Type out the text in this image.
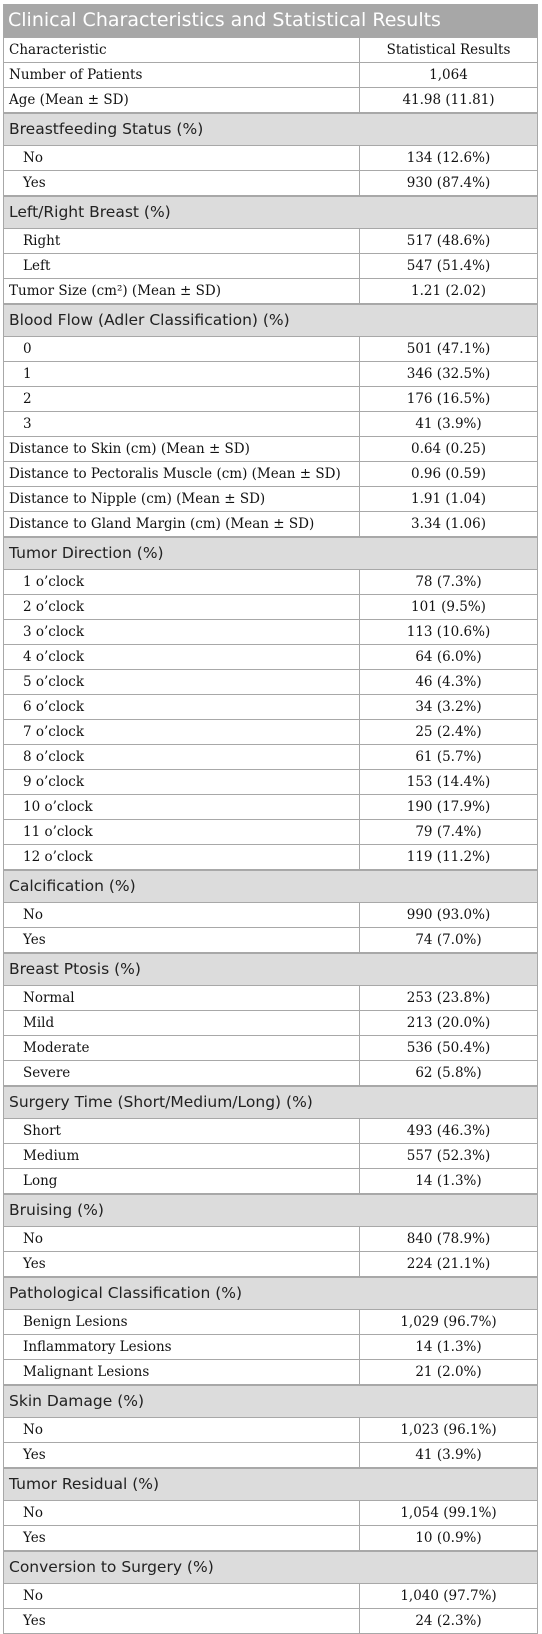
Clinical Characteristics and Statistical Results
Characteristic	Statistical Results
Number of Patients	1,064
Age (Mean ± SD)	41.98 (11.81)
Breastfeeding Status (%)
No	134 (12.6%)
Yes	930 (87.4%)
Left/Right Breast (%)
Right	517 (48.6%)
Left	547 (51.4%)
Tumor Size (cm²) (Mean ± SD)	1.21 (2.02)
Blood Flow (Adler Classification) (%)
0	501 (47.1%)
1	346 (32.5%)
2	176 (16.5%)
3	41 (3.9%)
Distance to Skin (cm) (Mean ± SD)	0.64 (0.25)
Distance to Pectoralis Muscle (cm) (Mean ± SD)	0.96 (0.59)
Distance to Nipple (cm) (Mean ± SD)	1.91 (1.04)
Distance to Gland Margin (cm) (Mean ± SD)	3.34 (1.06)
Tumor Direction (%)
1 o’clock	78 (7.3%)
2 o’clock	101 (9.5%)
3 o’clock	113 (10.6%)
4 o’clock	64 (6.0%)
5 o’clock	46 (4.3%)
6 o’clock	34 (3.2%)
7 o’clock	25 (2.4%)
8 o’clock	61 (5.7%)
9 o’clock	153 (14.4%)
10 o’clock	190 (17.9%)
11 o’clock	79 (7.4%)
12 o’clock	119 (11.2%)
Calcification (%)
No	990 (93.0%)
Yes	74 (7.0%)
Breast Ptosis (%)
Normal	253 (23.8%)
Mild	213 (20.0%)
Moderate	536 (50.4%)
Severe	62 (5.8%)
Surgery Time (Short/Medium/Long) (%)
Short	493 (46.3%)
Medium	557 (52.3%)
Long	14 (1.3%)
Bruising (%)
No	840 (78.9%)
Yes	224 (21.1%)
Pathological Classification (%)
Benign Lesions	1,029 (96.7%)
Inflammatory Lesions	14 (1.3%)
Malignant Lesions	21 (2.0%)
Skin Damage (%)
No	1,023 (96.1%)
Yes	41 (3.9%)
Tumor Residual (%)
No	1,054 (99.1%)
Yes	10 (0.9%)
Conversion to Surgery (%)
No	1,040 (97.7%)
Yes	24 (2.3%)
